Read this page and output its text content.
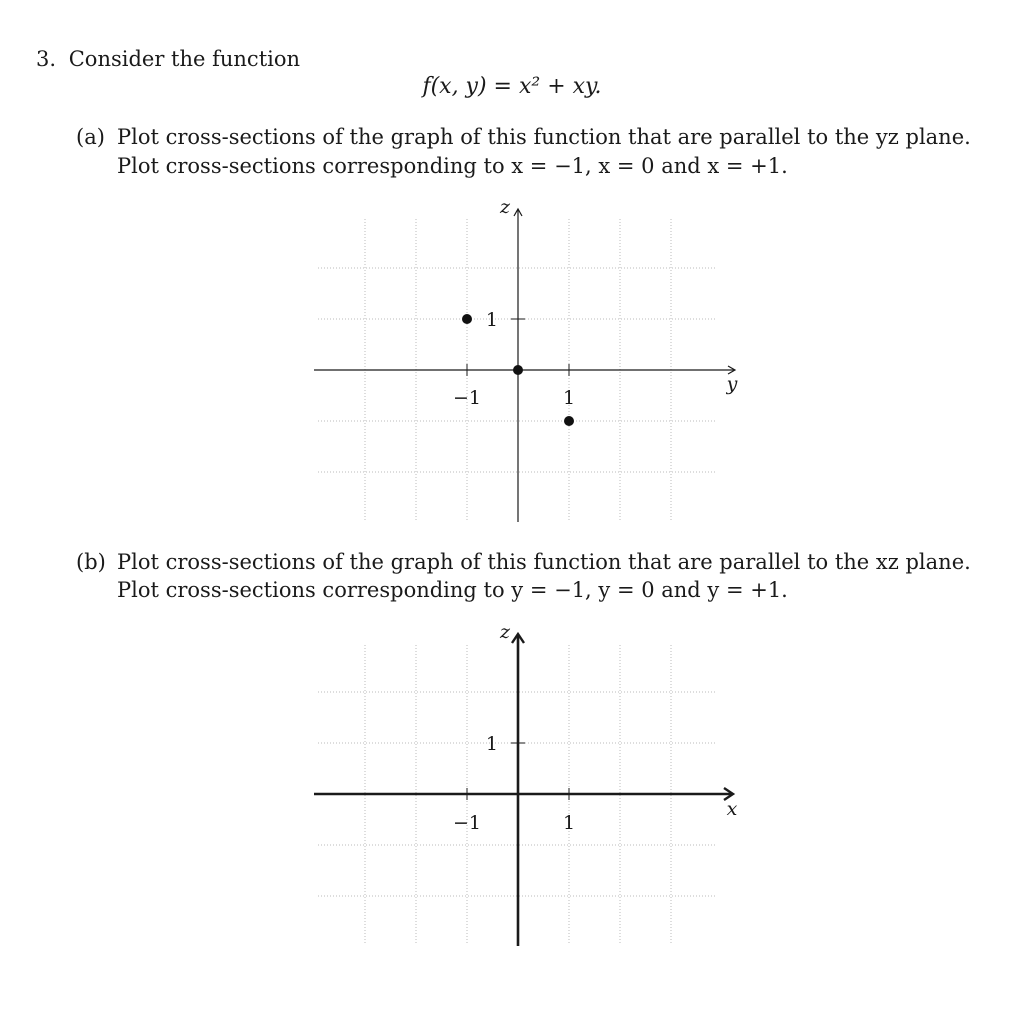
3. Consider the function
f(x, y) = x² + xy.
(a) Plot cross-sections of the graph of this function that are parallel to the yz plane.
Plot cross-sections corresponding to x = −1, x = 0 and x = +1.
−1	1
1
y
z
(b) Plot cross-sections of the graph of this function that are parallel to the xz plane.
Plot cross-sections corresponding to y = −1, y = 0 and y = +1.
−1	1
1
x
z
